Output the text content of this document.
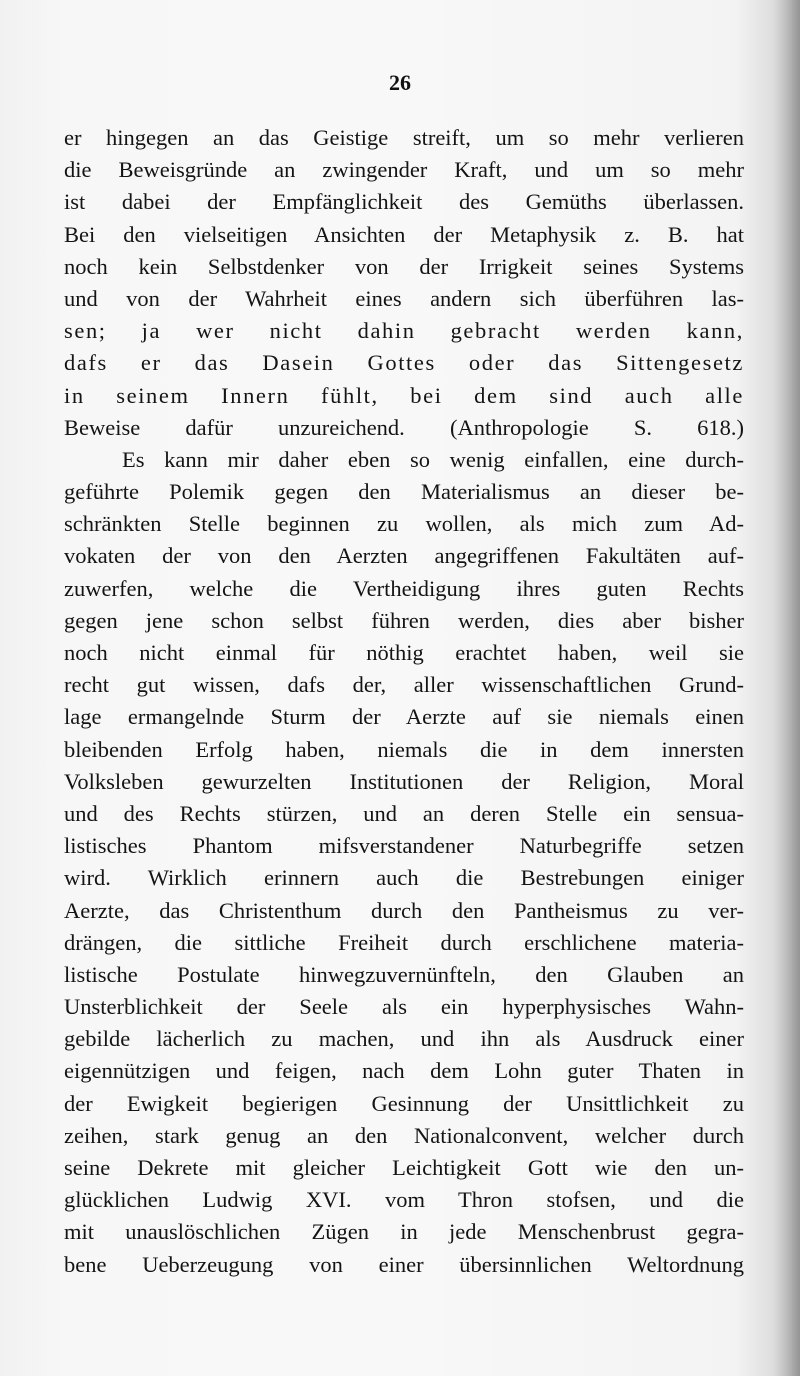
26
er hingegen an das Geistige streift, um so mehr verlieren
die Beweisgründe an zwingender Kraft, und um so mehr
ist dabei der Empfänglichkeit des Gemüths überlassen.
Bei den vielseitigen Ansichten der Metaphysik z. B. hat
noch kein Selbstdenker von der Irrigkeit seines Systems
und von der Wahrheit eines andern sich überführen las-
sen; ja wer nicht dahin gebracht werden kann,
dafs er das Dasein Gottes oder das Sittengesetz
in seinem Innern fühlt, bei dem sind auch alle
Beweise dafür unzureichend. (Anthropologie S. 618.)
Es kann mir daher eben so wenig einfallen, eine durch-
geführte Polemik gegen den Materialismus an dieser be-
schränkten Stelle beginnen zu wollen, als mich zum Ad-
vokaten der von den Aerzten angegriffenen Fakultäten auf-
zuwerfen, welche die Vertheidigung ihres guten Rechts
gegen jene schon selbst führen werden, dies aber bisher
noch nicht einmal für nöthig erachtet haben, weil sie
recht gut wissen, dafs der, aller wissenschaftlichen Grund-
lage ermangelnde Sturm der Aerzte auf sie niemals einen
bleibenden Erfolg haben, niemals die in dem innersten
Volksleben gewurzelten Institutionen der Religion, Moral
und des Rechts stürzen, und an deren Stelle ein sensua-
listisches Phantom mifsverstandener Naturbegriffe setzen
wird. Wirklich erinnern auch die Bestrebungen einiger
Aerzte, das Christenthum durch den Pantheismus zu ver-
drängen, die sittliche Freiheit durch erschlichene materia-
listische Postulate hinwegzuvernünfteln, den Glauben an
Unsterblichkeit der Seele als ein hyperphysisches Wahn-
gebilde lächerlich zu machen, und ihn als Ausdruck einer
eigennützigen und feigen, nach dem Lohn guter Thaten in
der Ewigkeit begierigen Gesinnung der Unsittlichkeit zu
zeihen, stark genug an den Nationalconvent, welcher durch
seine Dekrete mit gleicher Leichtigkeit Gott wie den un-
glücklichen Ludwig XVI. vom Thron stofsen, und die
mit unauslöschlichen Zügen in jede Menschenbrust gegra-
bene Ueberzeugung von einer übersinnlichen Weltordnung
